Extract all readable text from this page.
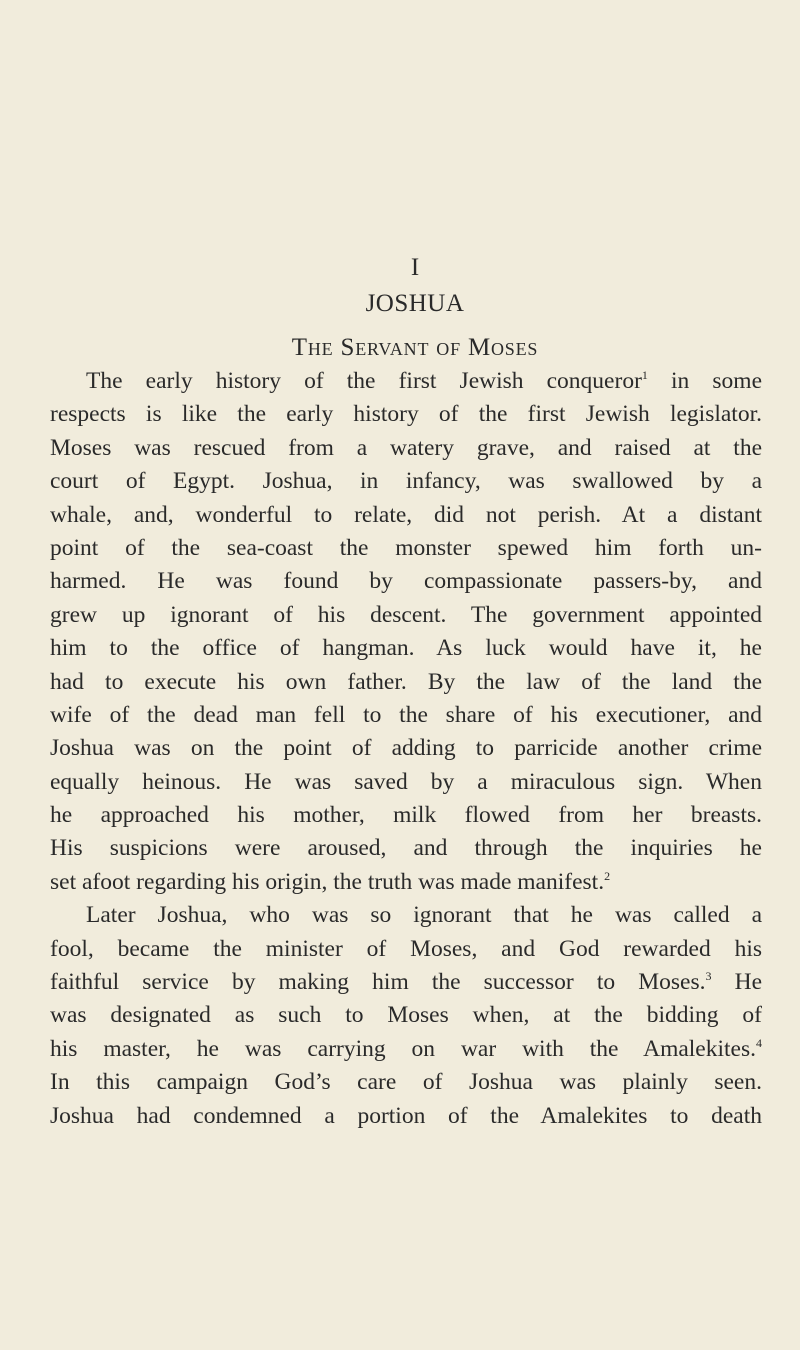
I
JOSHUA
The Servant of Moses
The early history of the first Jewish conqueror$^1$ in some
respects is like the early history of the first Jewish legislator.
Moses was rescued from a watery grave, and raised at the
court of Egypt. Joshua, in infancy, was swallowed by a
whale, and, wonderful to relate, did not perish. At a distant
point of the sea-coast the monster spewed him forth un-
harmed. He was found by compassionate passers-by, and
grew up ignorant of his descent. The government appointed
him to the office of hangman. As luck would have it, he
had to execute his own father. By the law of the land the
wife of the dead man fell to the share of his executioner, and
Joshua was on the point of adding to parricide another crime
equally heinous. He was saved by a miraculous sign. When
he approached his mother, milk flowed from her breasts.
His suspicions were aroused, and through the inquiries he
set afoot regarding his origin, the truth was made manifest.$^2$
Later Joshua, who was so ignorant that he was called a
fool, became the minister of Moses, and God rewarded his
faithful service by making him the successor to Moses.$^3$ He
was designated as such to Moses when, at the bidding of
his master, he was carrying on war with the Amalekites.$^4$
In this campaign God’s care of Joshua was plainly seen.
Joshua had condemned a portion of the Amalekites to death
